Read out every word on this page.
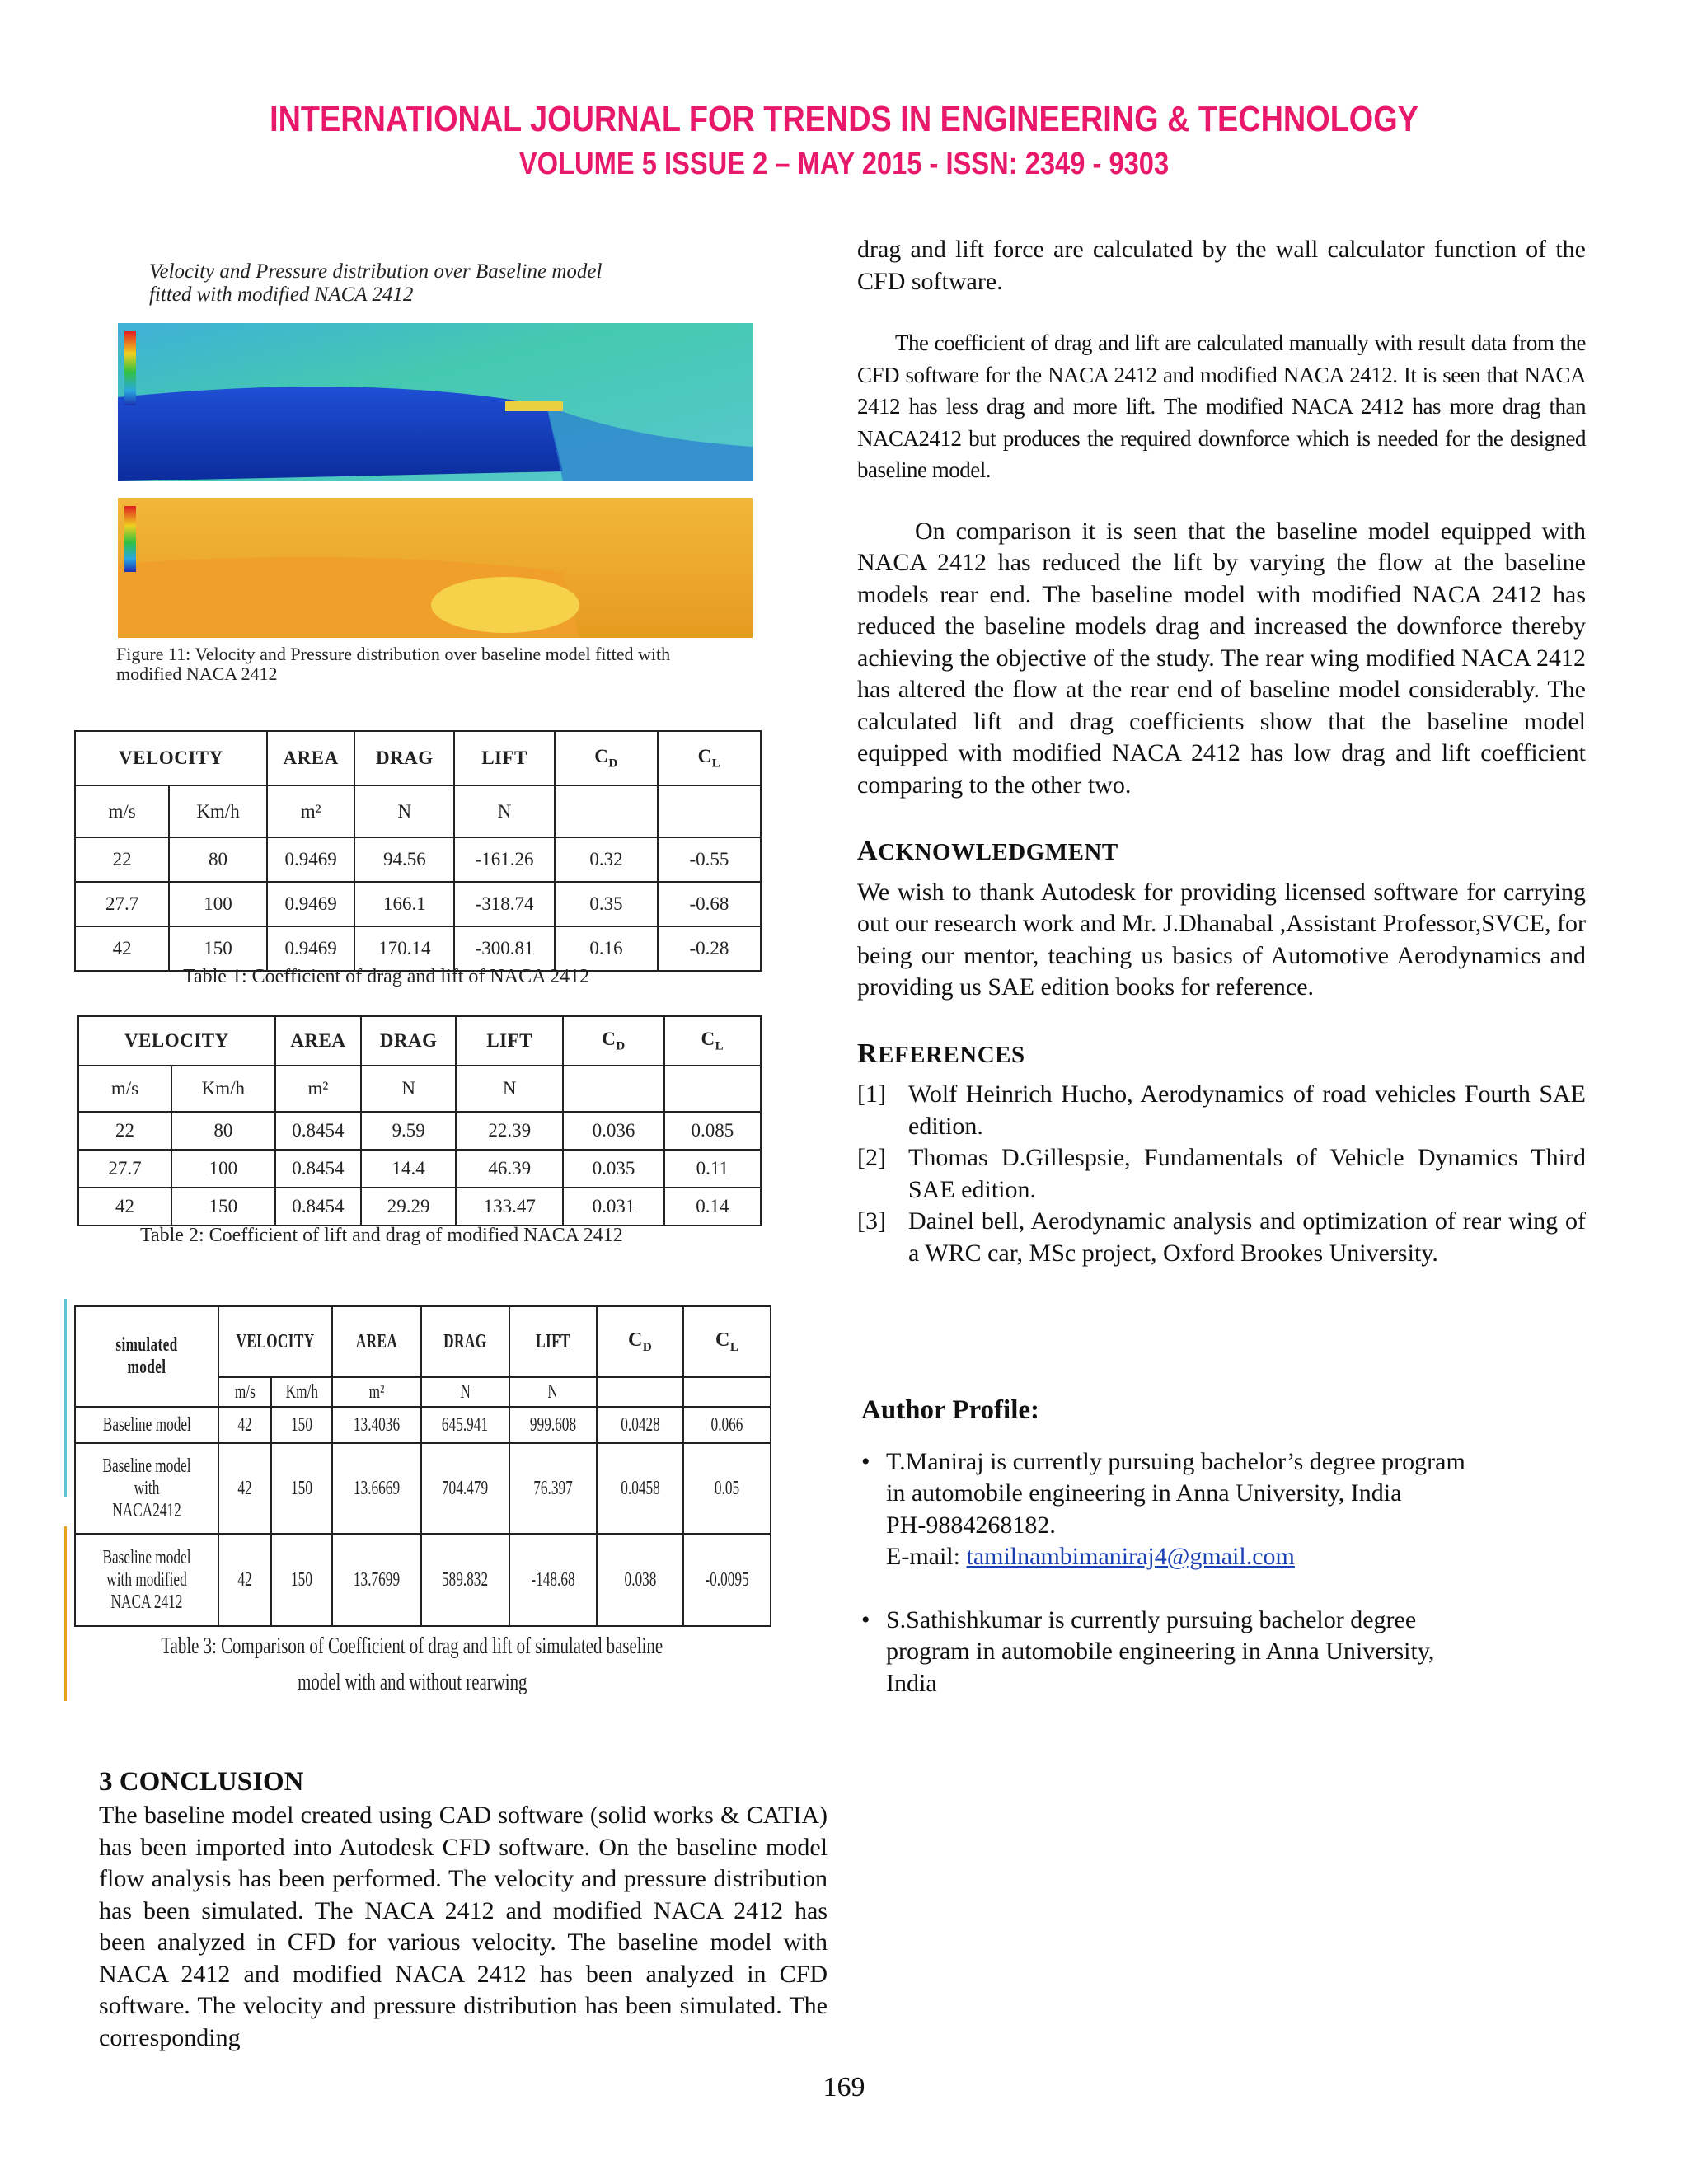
INTERNATIONAL JOURNAL FOR TRENDS IN ENGINEERING & TECHNOLOGY
VOLUME 5 ISSUE 2 – MAY 2015 - ISSN: 2349 - 9303
Velocity and Pressure distribution over Baseline model
fitted with modified NACA 2412
Figure 11: Velocity and Pressure distribution over baseline model fitted with
modified NACA 2412
VELOCITY		AREA	DRAG	LIFT	$C_D$	$C_L$
m/s	Km/h	m²	N	N		
22	80	0.9469	94.56	-161.26	0.32	-0.55
27.7	100	0.9469	166.1	-318.74	0.35	-0.68
42	150	0.9469	170.14	-300.81	0.16	-0.28
Table 1: Coefficient of drag and lift of NACA 2412
VELOCITY		AREA	DRAG	LIFT	$C_D$	$C_L$
m/s	Km/h	m²	N	N		
22	80	0.8454	9.59	22.39	0.036	0.085
27.7	100	0.8454	14.4	46.39	0.035	0.11
42	150	0.8454	29.29	133.47	0.031	0.14
Table 2: Coefficient of lift and drag of modified NACA 2412
simulated model	VELOCITY		AREA	DRAG	LIFT	$C_D$	$C_L$
	m/s	Km/h	m²	N	N		
Baseline model	42	150	13.4036	645.941	999.608	0.0428	0.066
Baseline model with NACA2412	42	150	13.6669	704.479	76.397	0.0458	0.05
Baseline model with modified NACA 2412	42	150	13.7699	589.832	-148.68	0.038	-0.0095
Table 3: Comparison of Coefficient of drag and lift of simulated baseline
model with and without rearwing
3 CONCLUSION

The baseline model created using CAD software (solid works & CATIA) has been imported into Autodesk CFD software. On the baseline model flow analysis has been performed. The velocity and pressure distribution has been simulated. The NACA 2412 and modified NACA 2412 has been analyzed in CFD for various velocity. The baseline model with NACA 2412 and modified NACA 2412 has been analyzed in CFD software. The velocity and pressure distribution has been simulated. The corresponding

drag and lift force are calculated by the wall calculator function of the CFD software.

The coefficient of drag and lift are calculated manually with result data from the CFD software for the NACA 2412 and modified NACA 2412. It is seen that NACA 2412 has less drag and more lift. The modified NACA 2412 has more drag than NACA2412 but produces the required downforce which is needed for the designed baseline model.

On comparison it is seen that the baseline model equipped with NACA 2412 has reduced the lift by varying the flow at the baseline models rear end. The baseline model with modified NACA 2412 has reduced the baseline models drag and increased the downforce thereby achieving the objective of the study. The rear wing modified NACA 2412 has altered the flow at the rear end of baseline model considerably. The calculated lift and drag coefficients show that the baseline model equipped with modified NACA 2412 has low drag and lift coefficient comparing to the other two.

ACKNOWLEDGMENT

We wish to thank Autodesk for providing licensed software for carrying out our research work and Mr. J.Dhanabal ,Assistant Professor,SVCE, for being our mentor, teaching us basics of Automotive Aerodynamics and providing us SAE edition books for reference.

REFERENCES
[1] Wolf Heinrich Hucho, Aerodynamics of road vehicles Fourth SAE edition.
[2] Thomas D.Gillespsie, Fundamentals of Vehicle Dynamics Third SAE edition.
[3] Dainel bell, Aerodynamic analysis and optimization of rear wing of a WRC car, MSc project, Oxford Brookes University.
Author Profile:
• T.Maniraj is currently pursuing bachelor’s degree program
in automobile engineering in Anna University, India
PH-9884268182.
E-mail: tamilnambimaniraj4@gmail.com
• S.Sathishkumar is currently pursuing bachelor degree
program in automobile engineering in Anna University,
India
169
